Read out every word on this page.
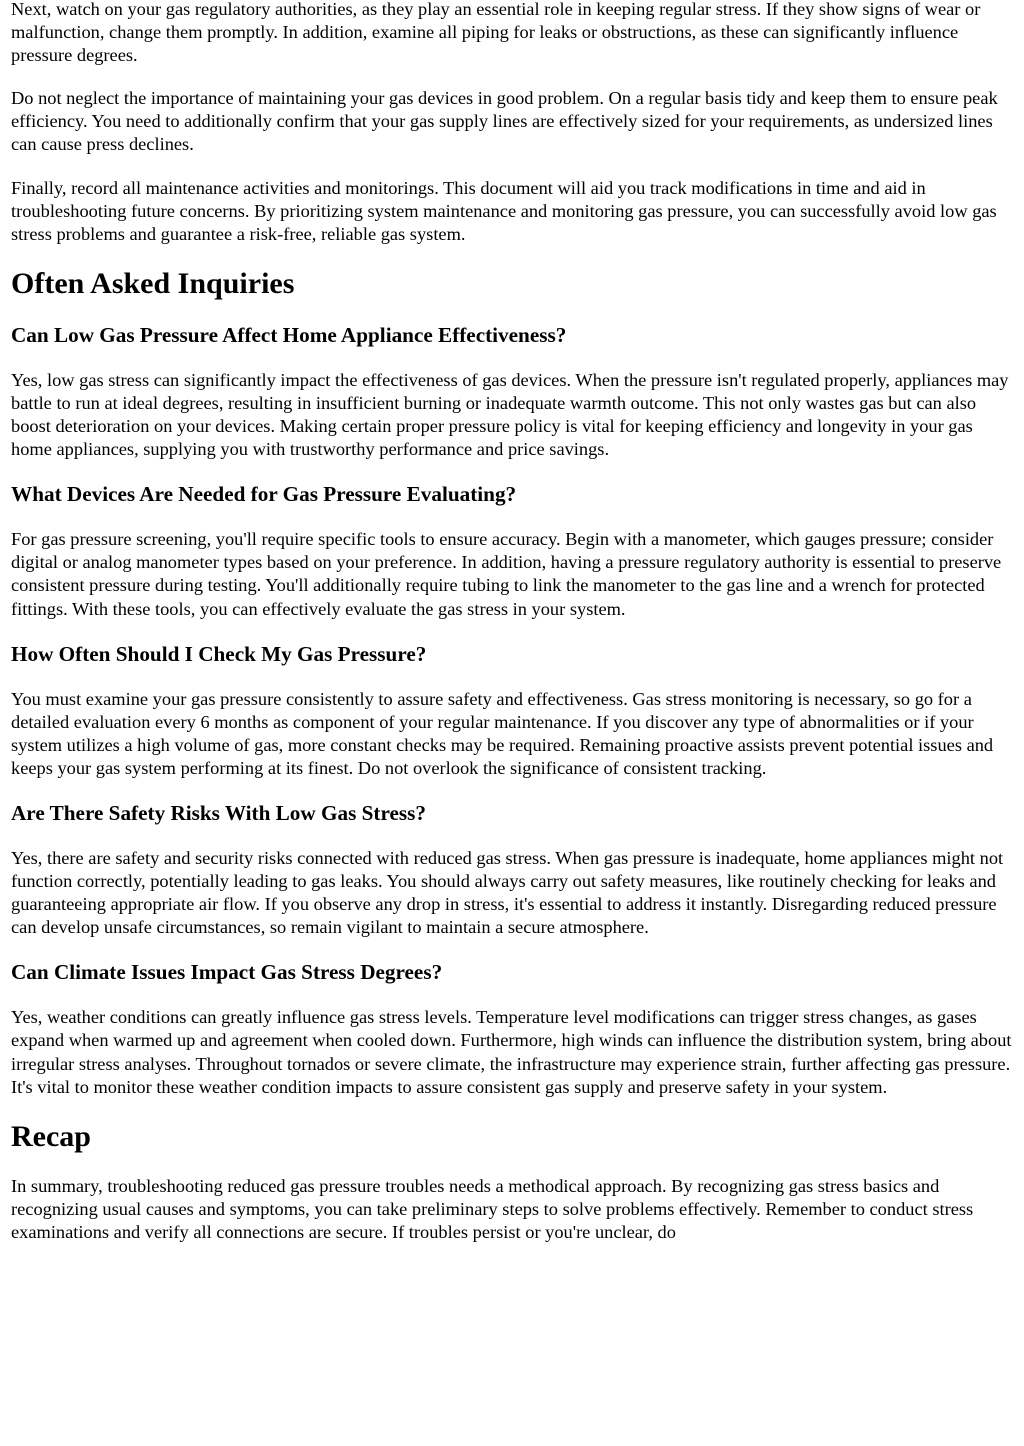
Next, watch on your gas regulatory authorities, as they play an essential role in keeping regular stress. If they show signs of wear or malfunction, change them promptly. In addition, examine all piping for leaks or obstructions, as these can significantly influence pressure degrees.

Do not neglect the importance of maintaining your gas devices in good problem. On a regular basis tidy and keep them to ensure peak efficiency. You need to additionally confirm that your gas supply lines are effectively sized for your requirements, as undersized lines can cause press declines.

Finally, record all maintenance activities and monitorings. This document will aid you track modifications in time and aid in troubleshooting future concerns. By prioritizing system maintenance and monitoring gas pressure, you can successfully avoid low gas stress problems and guarantee a risk-free, reliable gas system.

Often Asked Inquiries
Can Low Gas Pressure Affect Home Appliance Effectiveness?

Yes, low gas stress can significantly impact the effectiveness of gas devices. When the pressure isn't regulated properly, appliances may battle to run at ideal degrees, resulting in insufficient burning or inadequate warmth outcome. This not only wastes gas but can also boost deterioration on your devices. Making certain proper pressure policy is vital for keeping efficiency and longevity in your gas home appliances, supplying you with trustworthy performance and price savings.

What Devices Are Needed for Gas Pressure Evaluating?

For gas pressure screening, you'll require specific tools to ensure accuracy. Begin with a manometer, which gauges pressure; consider digital or analog manometer types based on your preference. In addition, having a pressure regulatory authority is essential to preserve consistent pressure during testing. You'll additionally require tubing to link the manometer to the gas line and a wrench for protected fittings. With these tools, you can effectively evaluate the gas stress in your system.

How Often Should I Check My Gas Pressure?

You must examine your gas pressure consistently to assure safety and effectiveness. Gas stress monitoring is necessary, so go for a detailed evaluation every 6 months as component of your regular maintenance. If you discover any type of abnormalities or if your system utilizes a high volume of gas, more constant checks may be required. Remaining proactive assists prevent potential issues and keeps your gas system performing at its finest. Do not overlook the significance of consistent tracking.

Are There Safety Risks With Low Gas Stress?

Yes, there are safety and security risks connected with reduced gas stress. When gas pressure is inadequate, home appliances might not function correctly, potentially leading to gas leaks. You should always carry out safety measures, like routinely checking for leaks and guaranteeing appropriate air flow. If you observe any drop in stress, it's essential to address it instantly. Disregarding reduced pressure can develop unsafe circumstances, so remain vigilant to maintain a secure atmosphere.

Can Climate Issues Impact Gas Stress Degrees?

Yes, weather conditions can greatly influence gas stress levels. Temperature level modifications can trigger stress changes, as gases expand when warmed up and agreement when cooled down. Furthermore, high winds can influence the distribution system, bring about irregular stress analyses. Throughout tornados or severe climate, the infrastructure may experience strain, further affecting gas pressure. It's vital to monitor these weather condition impacts to assure consistent gas supply and preserve safety in your system.

Recap

In summary, troubleshooting reduced gas pressure troubles needs a methodical approach. By recognizing gas stress basics and recognizing usual causes and symptoms, you can take preliminary steps to solve problems effectively. Remember to conduct stress examinations and verify all connections are secure. If troubles persist or you're unclear, do
